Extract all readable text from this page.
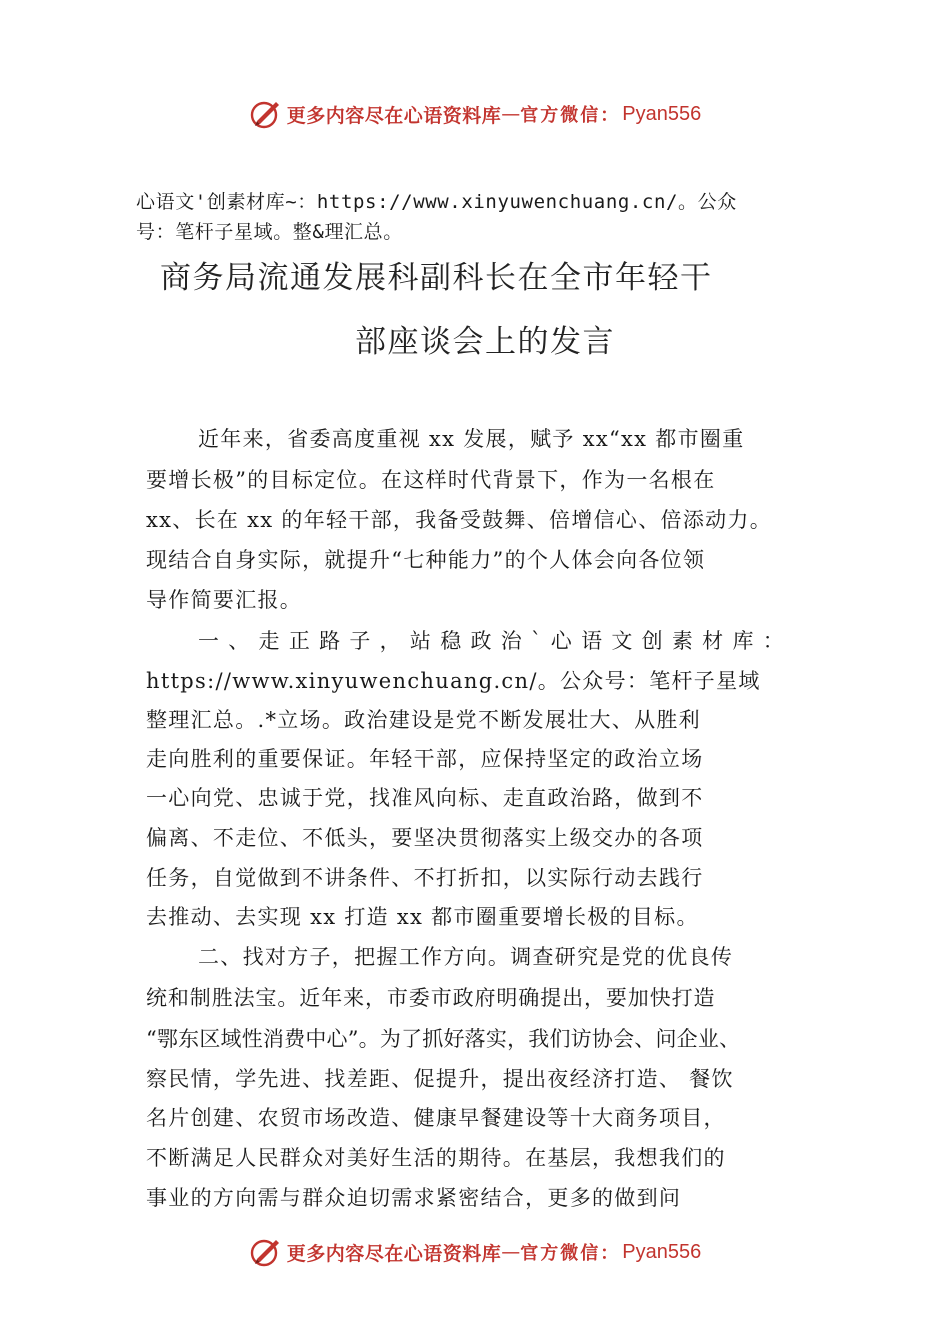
更多内容尽在心语资料库 — 官方微信： Pyan556
心语文'创素材库~：https://www.xinyuwenchuang.cn/。公众
号：笔杆子星域。整&理汇总。
商务局流通发展科副科长在全市年轻干
部座谈会上的发言
近年来，省委高度重视 xx 发展，赋予 xx“xx 都市圈重
要增长极”的目标定位。在这样时代背景下，作为一名根在
xx、长在 xx 的年轻干部，我备受鼓舞、倍增信心、倍添动力。
现结合自身实际，就提升“七种能力”的个人体会向各位领
导作简要汇报。
一 、 走 正 路 子 ， 站 稳 政 治 ` 心 语 文 创 素 材 库 ：
https://www.xinyuwenchuang.cn/。公众号：笔杆子星域
整理汇总。.*立场。政治建设是党不断发展壮大、从胜利
走向胜利的重要保证。年轻干部，应保持坚定的政治立场
一心向党、忠诚于党，找准风向标、走直政治路，做到不
偏离、不走位、不低头，要坚决贯彻落实上级交办的各项
任务，自觉做到不讲条件、不打折扣，以实际行动去践行
去推动、去实现 xx 打造 xx 都市圈重要增长极的目标。
二、找对方子，把握工作方向。调查研究是党的优良传
统和制胜法宝。近年来，市委市政府明确提出，要加快打造
“鄂东区域性消费中心”。为了抓好落实，我们访协会、问企业、
察民情，学先进、找差距、促提升，提出夜经济打造、 餐饮
名片创建、农贸市场改造、健康早餐建设等十大商务项目，
不断满足人民群众对美好生活的期待。在基层，我想我们的
事业的方向需与群众迫切需求紧密结合，更多的做到问
更多内容尽在心语资料库 — 官方微信： Pyan556
